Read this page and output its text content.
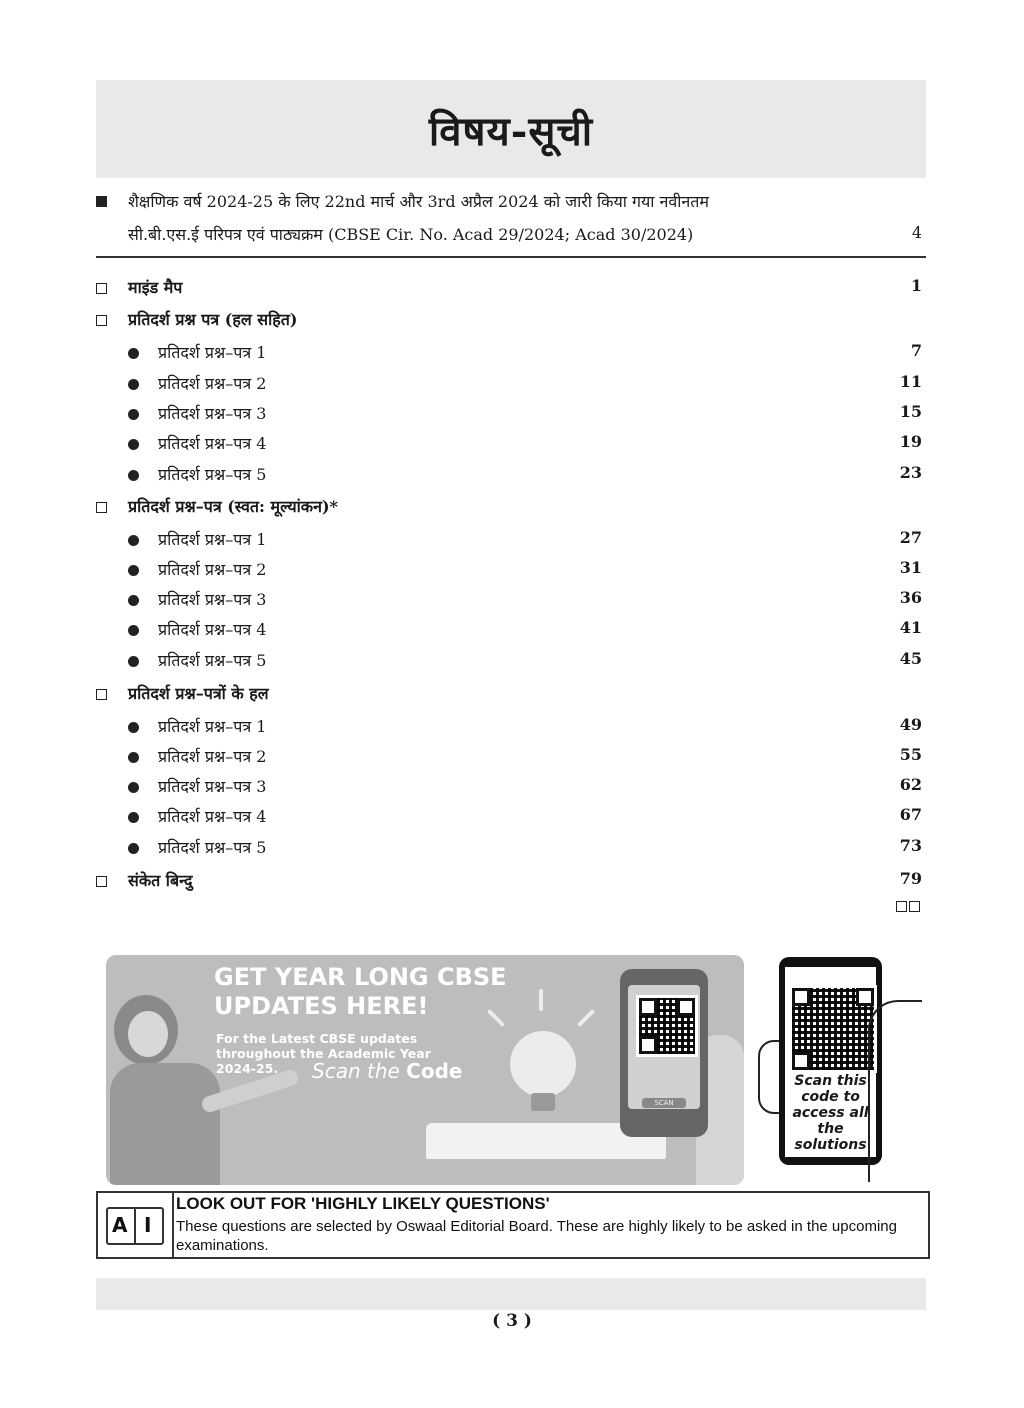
विषय-सूची
शैक्षणिक वर्ष 2024-25 के लिए 22nd मार्च और 3rd अप्रैल 2024 को जारी किया गया नवीनतम
सी.बी.एस.ई परिपत्र एवं पाठ्यक्रम (CBSE Cir. No. Acad 29/2024; Acad 30/2024)	4
माइंड मैप	1
प्रतिदर्श प्रश्न पत्र (हल सहित)
प्रतिदर्श प्रश्न–पत्र 1	7
प्रतिदर्श प्रश्न–पत्र 2	11
प्रतिदर्श प्रश्न–पत्र 3	15
प्रतिदर्श प्रश्न–पत्र 4	19
प्रतिदर्श प्रश्न–पत्र 5	23
प्रतिदर्श प्रश्न–पत्र (स्वत: मूल्यांकन)*
प्रतिदर्श प्रश्न–पत्र 1	27
प्रतिदर्श प्रश्न–पत्र 2	31
प्रतिदर्श प्रश्न–पत्र 3	36
प्रतिदर्श प्रश्न–पत्र 4	41
प्रतिदर्श प्रश्न–पत्र 5	45
प्रतिदर्श प्रश्न–पत्रों के हल
प्रतिदर्श प्रश्न–पत्र 1	49
प्रतिदर्श प्रश्न–पत्र 2	55
प्रतिदर्श प्रश्न–पत्र 3	62
प्रतिदर्श प्रश्न–पत्र 4	67
प्रतिदर्श प्रश्न–पत्र 5	73
संकेत बिन्दु	79
GET YEAR LONG CBSE
UPDATES HERE!
For the Latest CBSE updates throughout the Academic Year 2024-25.	Scan the Code
SCAN
Scan this code to access all the solutions
A I
LOOK OUT FOR 'HIGHLY LIKELY QUESTIONS'
These questions are selected by Oswaal Editorial Board. These are highly likely to be asked in the upcoming examinations.
( 3 )
